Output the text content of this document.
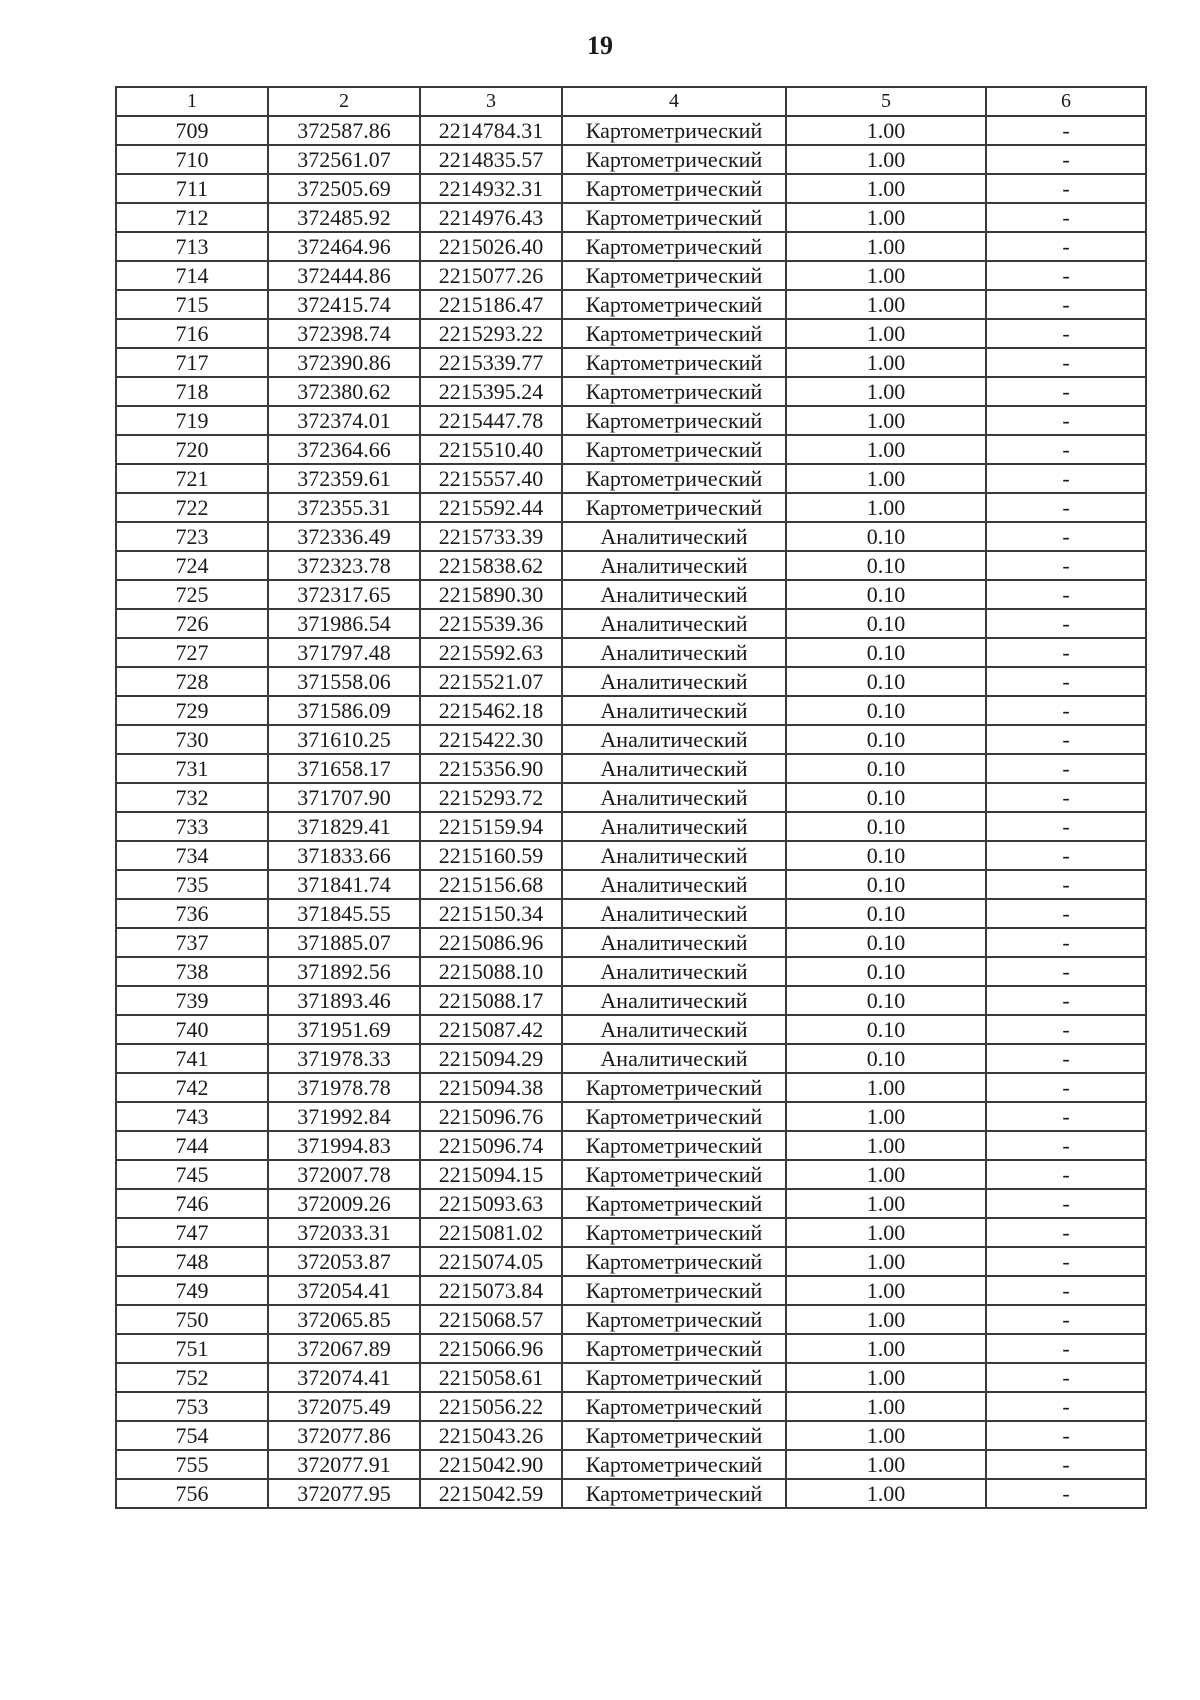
19
1	2	3	4	5	6
709	372587.86	2214784.31	Картометрический	1.00	-
710	372561.07	2214835.57	Картометрический	1.00	-
711	372505.69	2214932.31	Картометрический	1.00	-
712	372485.92	2214976.43	Картометрический	1.00	-
713	372464.96	2215026.40	Картометрический	1.00	-
714	372444.86	2215077.26	Картометрический	1.00	-
715	372415.74	2215186.47	Картометрический	1.00	-
716	372398.74	2215293.22	Картометрический	1.00	-
717	372390.86	2215339.77	Картометрический	1.00	-
718	372380.62	2215395.24	Картометрический	1.00	-
719	372374.01	2215447.78	Картометрический	1.00	-
720	372364.66	2215510.40	Картометрический	1.00	-
721	372359.61	2215557.40	Картометрический	1.00	-
722	372355.31	2215592.44	Картометрический	1.00	-
723	372336.49	2215733.39	Аналитический	0.10	-
724	372323.78	2215838.62	Аналитический	0.10	-
725	372317.65	2215890.30	Аналитический	0.10	-
726	371986.54	2215539.36	Аналитический	0.10	-
727	371797.48	2215592.63	Аналитический	0.10	-
728	371558.06	2215521.07	Аналитический	0.10	-
729	371586.09	2215462.18	Аналитический	0.10	-
730	371610.25	2215422.30	Аналитический	0.10	-
731	371658.17	2215356.90	Аналитический	0.10	-
732	371707.90	2215293.72	Аналитический	0.10	-
733	371829.41	2215159.94	Аналитический	0.10	-
734	371833.66	2215160.59	Аналитический	0.10	-
735	371841.74	2215156.68	Аналитический	0.10	-
736	371845.55	2215150.34	Аналитический	0.10	-
737	371885.07	2215086.96	Аналитический	0.10	-
738	371892.56	2215088.10	Аналитический	0.10	-
739	371893.46	2215088.17	Аналитический	0.10	-
740	371951.69	2215087.42	Аналитический	0.10	-
741	371978.33	2215094.29	Аналитический	0.10	-
742	371978.78	2215094.38	Картометрический	1.00	-
743	371992.84	2215096.76	Картометрический	1.00	-
744	371994.83	2215096.74	Картометрический	1.00	-
745	372007.78	2215094.15	Картометрический	1.00	-
746	372009.26	2215093.63	Картометрический	1.00	-
747	372033.31	2215081.02	Картометрический	1.00	-
748	372053.87	2215074.05	Картометрический	1.00	-
749	372054.41	2215073.84	Картометрический	1.00	-
750	372065.85	2215068.57	Картометрический	1.00	-
751	372067.89	2215066.96	Картометрический	1.00	-
752	372074.41	2215058.61	Картометрический	1.00	-
753	372075.49	2215056.22	Картометрический	1.00	-
754	372077.86	2215043.26	Картометрический	1.00	-
755	372077.91	2215042.90	Картометрический	1.00	-
756	372077.95	2215042.59	Картометрический	1.00	-
